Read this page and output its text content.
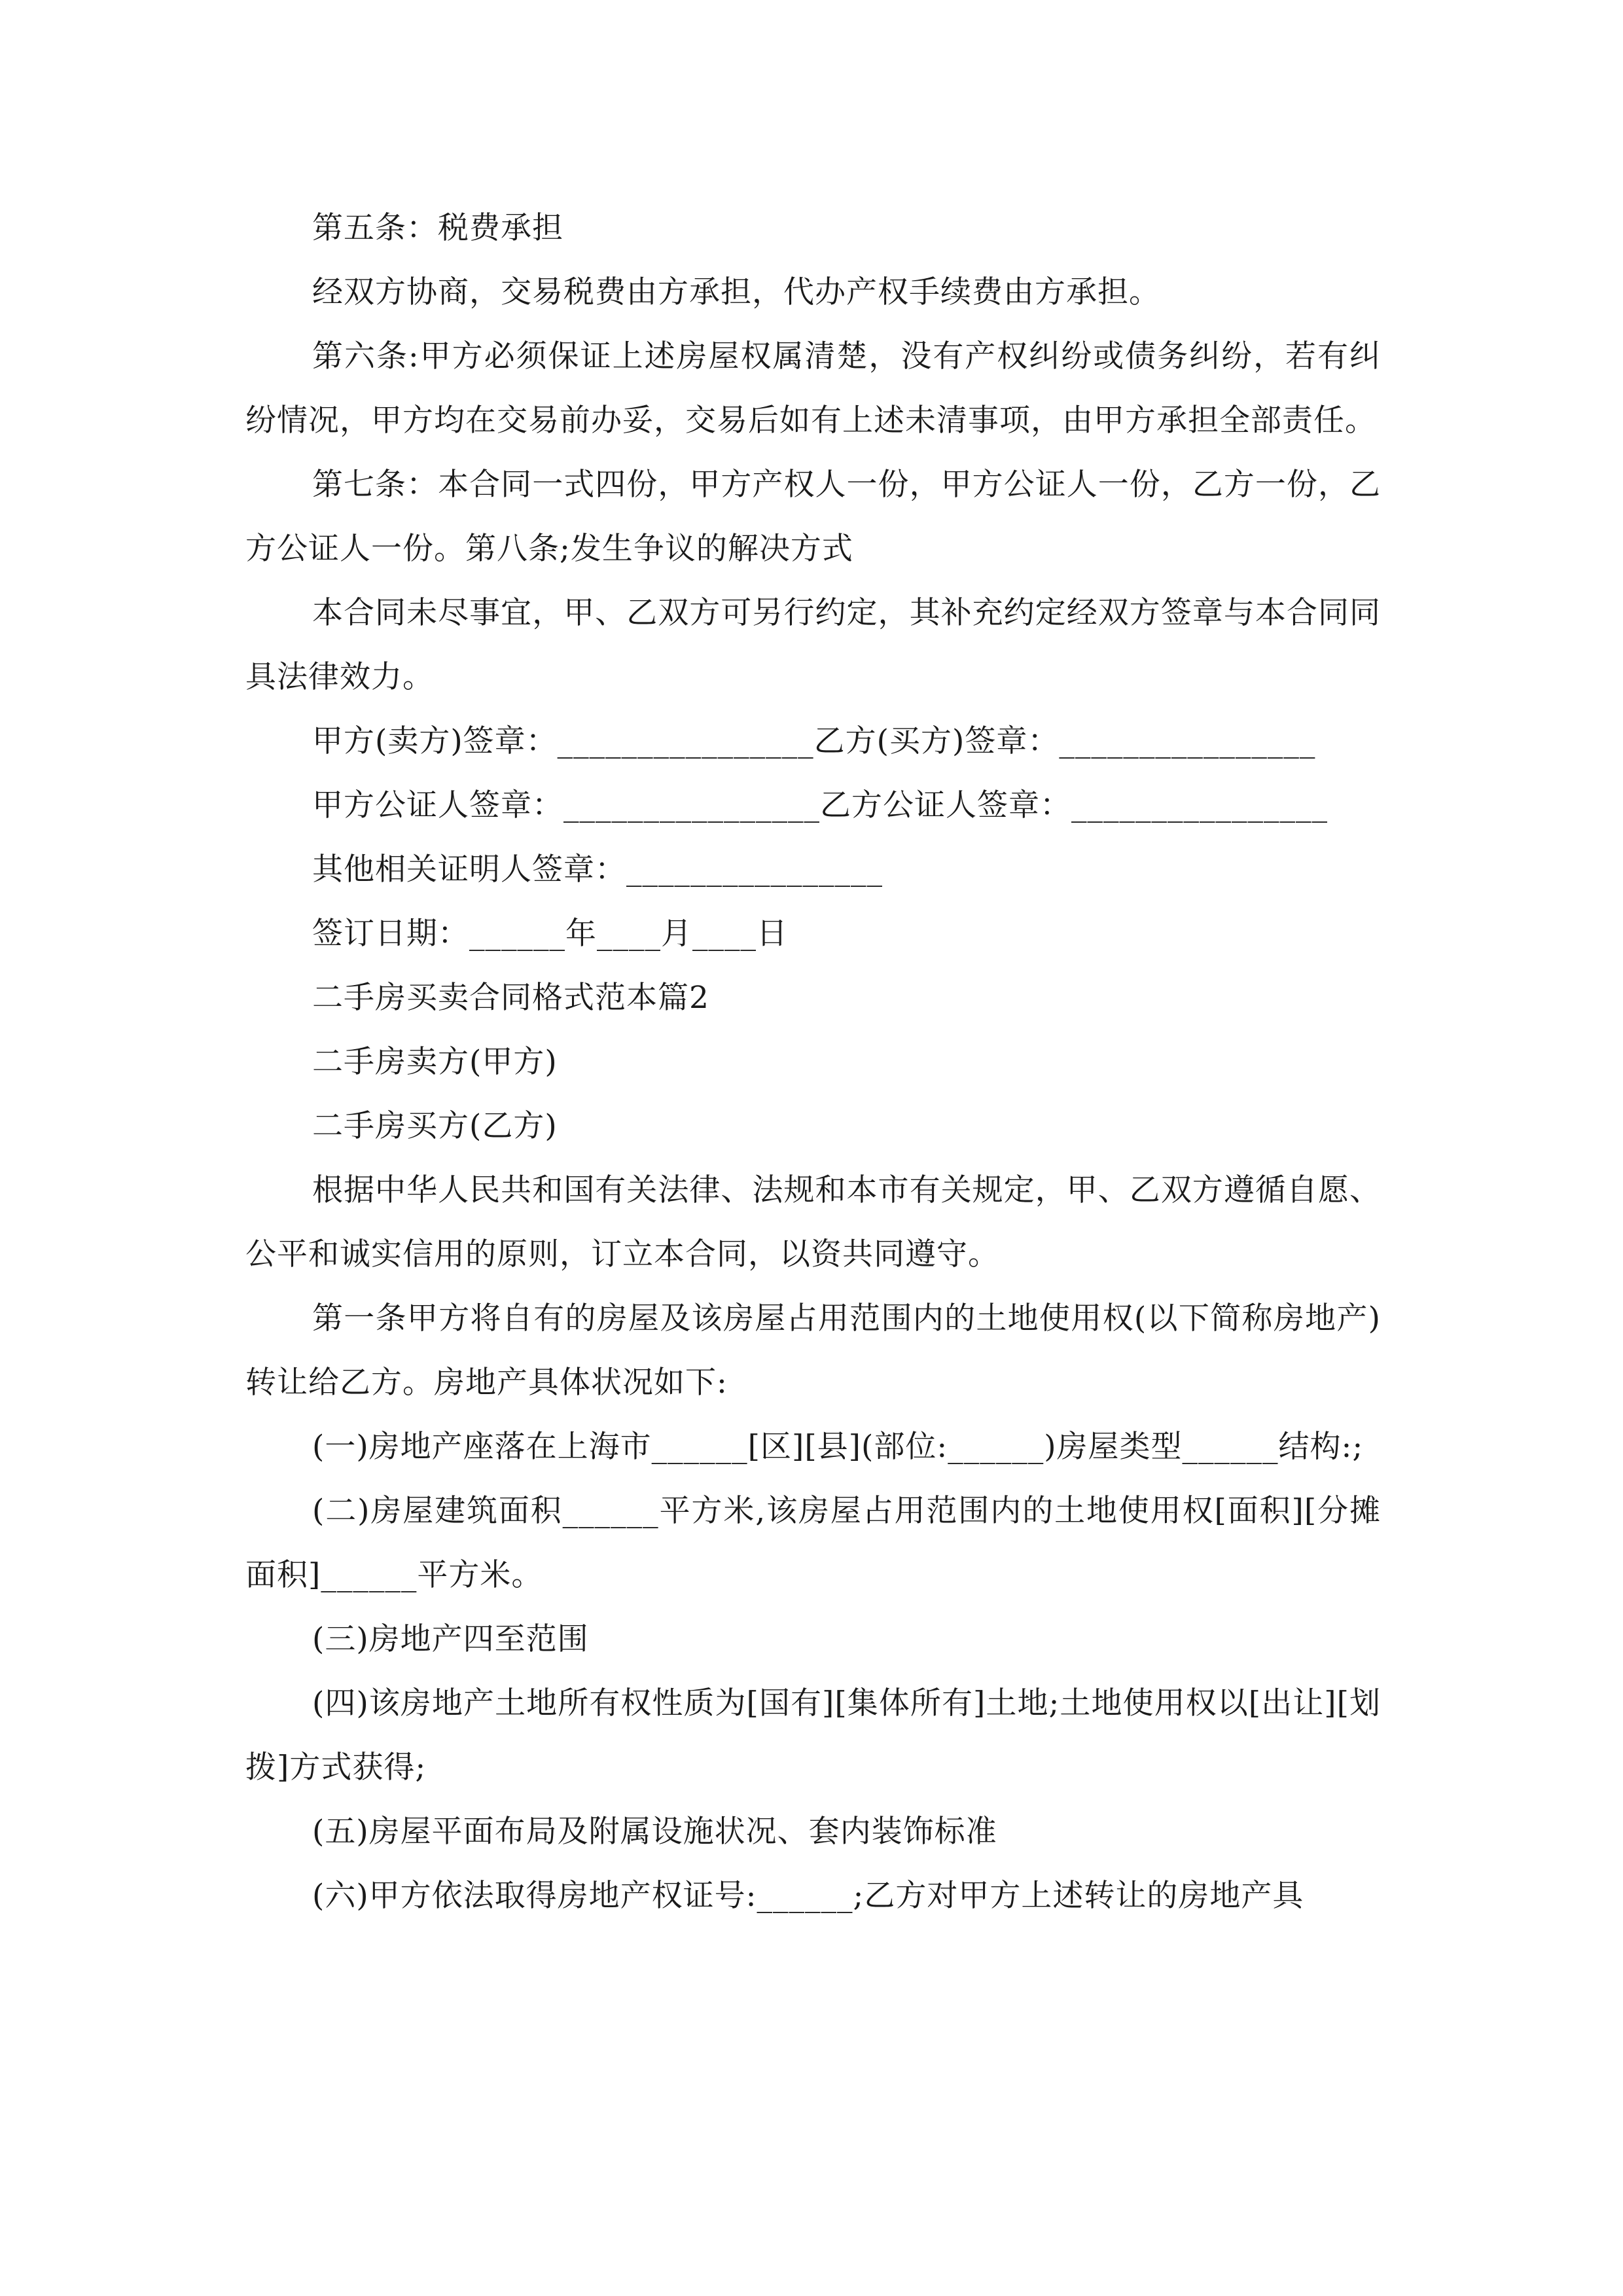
第五条：税费承担

经双方协商，交易税费由方承担，代办产权手续费由方承担。

第六条:甲方必须保证上述房屋权属清楚，没有产权纠纷或债务纠纷，若有纠纷情况，甲方均在交易前办妥，交易后如有上述未清事项，由甲方承担全部责任。

第七条：本合同一式四份，甲方产权人一份，甲方公证人一份，乙方一份，乙方公证人一份。第八条;发生争议的解决方式

本合同未尽事宜，甲、乙双方可另行约定，其补充约定经双方签章与本合同同具法律效力。

甲方(卖方)签章：________________乙方(买方)签章：________________

甲方公证人签章：________________乙方公证人签章：________________

其他相关证明人签章：________________

签订日期：______年____月____日

二手房买卖合同格式范本篇2

二手房卖方(甲方)

二手房买方(乙方)

根据中华人民共和国有关法律、法规和本市有关规定，甲、乙双方遵循自愿、公平和诚实信用的原则，订立本合同，以资共同遵守。

第一条甲方将自有的房屋及该房屋占用范围内的土地使用权(以下简称房地产)转让给乙方。房地产具体状况如下:

(一)房地产座落在上海市______[区][县](部位:______)房屋类型______结构:;

(二)房屋建筑面积______平方米,该房屋占用范围内的土地使用权[面积][分摊面积]______平方米。

(三)房地产四至范围

(四)该房地产土地所有权性质为[国有][集体所有]土地;土地使用权以[出让][划拨]方式获得;

(五)房屋平面布局及附属设施状况、套内装饰标准

(六)甲方依法取得房地产权证号:______;乙方对甲方上述转让的房地产具
